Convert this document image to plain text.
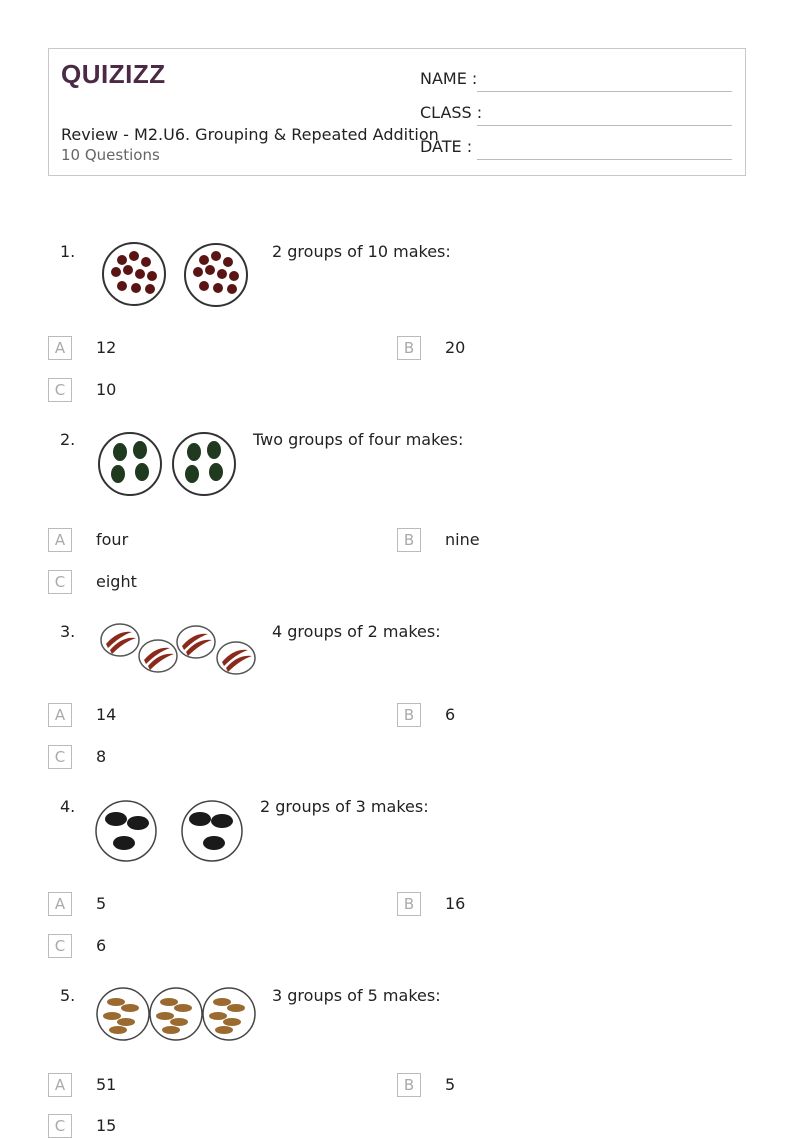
QUIZIZZ
Review - M2.U6. Grouping & Repeated Addition
10 Questions
NAME :
CLASS :
DATE :
1.	2 groups of 10 makes:
A	12	B	20
C	10
2.	Two groups of four makes:
A	four	B	nine
C	eight
3.	4 groups of 2 makes:
A	14	B	6
C	8
4.	2 groups of 3 makes:
A	5	B	16
C	6
5.	3 groups of 5 makes:
A	51	B	5
C	15
